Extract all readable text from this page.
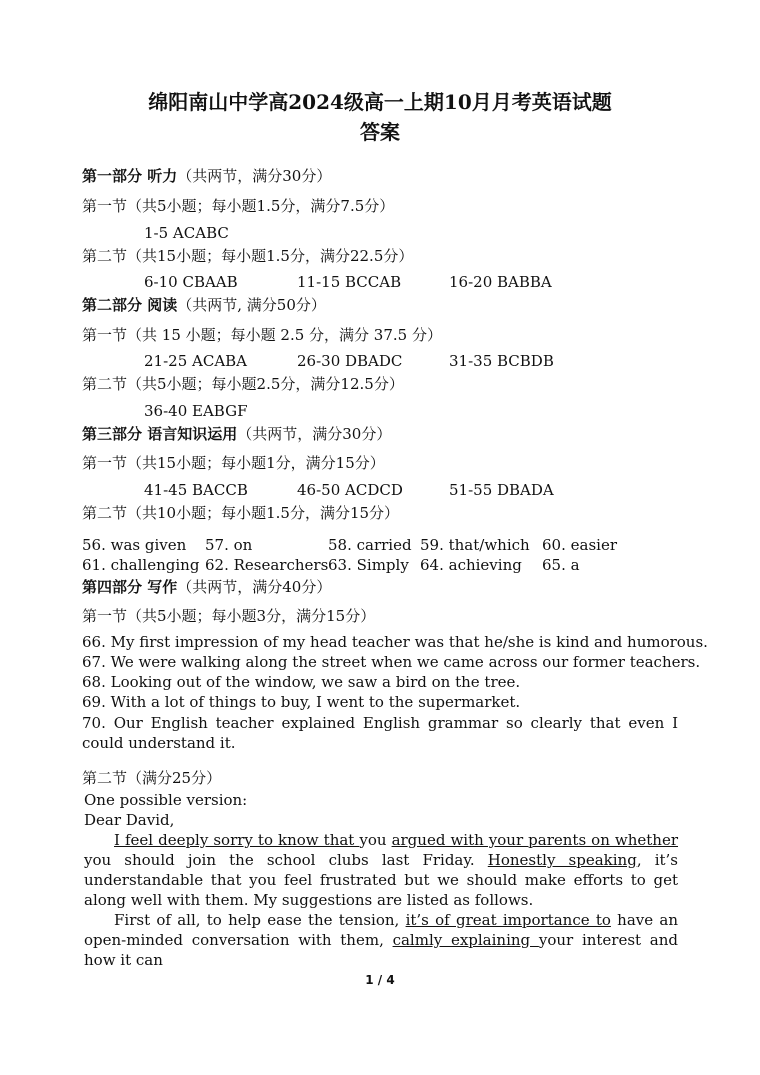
绵阳南山中学高2024级高一上期10月月考英语试题
答案
第一部分 听力（共两节，满分30分）
第一节（共5小题；每小题1.5分，满分7.5分）
1-5 ACABC
第二节（共15小题；每小题1.5分，满分22.5分）
6-10 CBAAB	11-15 BCCAB	16-20 BABBA
第二部分 阅读（共两节, 满分50分）
第一节（共 15 小题；每小题 2.5 分，满分 37.5 分）
21-25 ACABA	26-30 DBADC	31-35 BCBDB
第二节（共5小题；每小题2.5分，满分12.5分）
36-40 EABGF
第三部分 语言知识运用（共两节，满分30分）
第一节（共15小题；每小题1分，满分15分）
41-45 BACCB	46-50 ACDCD	51-55 DBADA
第二节（共10小题；每小题1.5分，满分15分）
56. was given 57. on	58. carried 59. that/which 60. easier
61. challenging 62. Researchers 63. Simply 64. achieving 65. a
第四部分 写作（共两节，满分40分）
第一节（共5小题；每小题3分，满分15分）
66. My first impression of my head teacher was that he/she is kind and humorous.
67. We were walking along the street when we came across our former teachers.
68. Looking out of the window, we saw a bird on the tree.
69. With a lot of things to buy, I went to the supermarket.
70. Our English teacher explained English grammar so clearly that even I could understand it.
第二节（满分25分）

One possible version:

Dear David,

I feel deeply sorry to know that you argued with your parents on whether you should join the school clubs last Friday. Honestly speaking, it’s understandable that you feel frustrated but we should make efforts to get along well with them. My suggestions are listed as follows.

First of all, to help ease the tension, it’s of great importance to have an open-minded conversation with them, calmly explaining your interest and how it can

1 / 4
